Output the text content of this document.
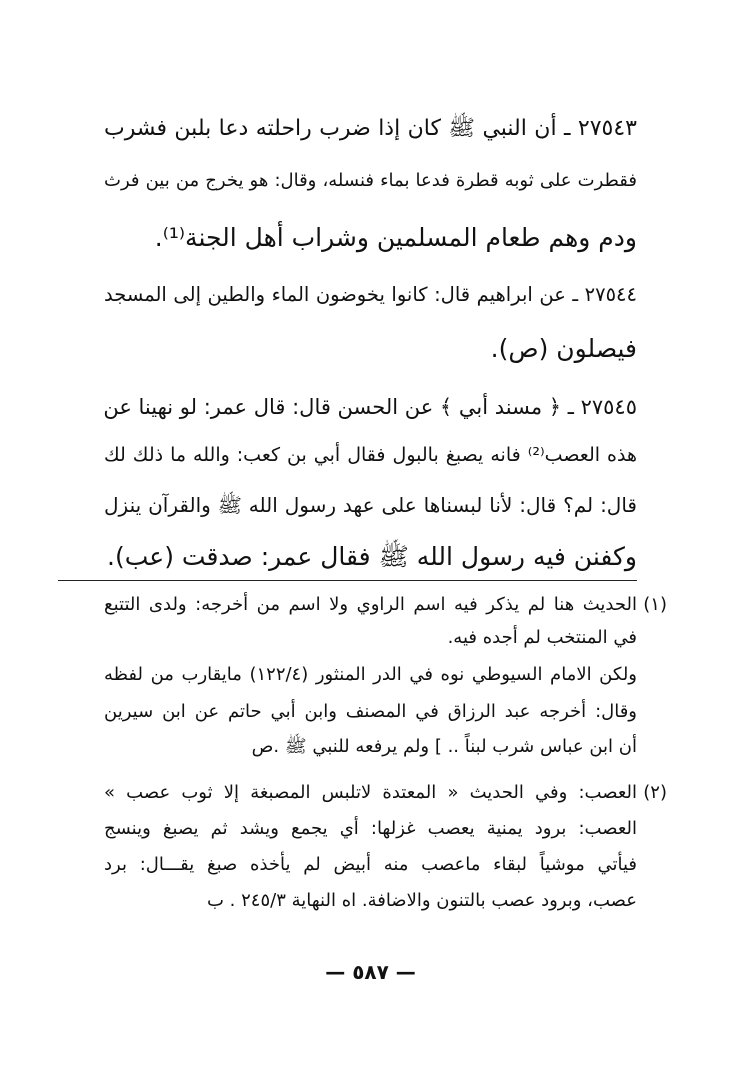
٢٧٥٤٣ ـ أن النبي ﷺ كان إذا ضرب راحلته دعا بلبن فشرب
فقطرت على ثوبه قطرة فدعا بماء فنسله، وقال: هو يخرج من بين فرث
ودم وهم طعام المسلمين وشراب أهل الجنة⁽¹⁾.
٢٧٥٤٤ ـ عن ابراهيم قال: كانوا يخوضون الماء والطين إلى المسجد
فيصلون (ص).
٢٧٥٤٥ ـ ﴿ مسند أبي ﴾ عن الحسن قال: قال عمر: لو نهينا عن
هذه العصب⁽²⁾ فانه يصبغ بالبول فقال أبي بن كعب: والله ما ذلك لك
قال: لم؟ قال: لأنا لبسناها على عهد رسول الله ﷺ والقرآن ينزل
وكفنن فيه رسول الله ﷺ فقال عمر: صدقت (عب).
(١)
الحديث هنا لم يذكر فيه اسم الراوي ولا اسم من أخرجه: ولدى التتبع
في المنتخب لم أجده فيه.
ولكن الامام السيوطي نوه في الدر المنثور (١٢٢/٤) مايقارب من لفظه
وقال: أخرجه عبد الرزاق في المصنف وابن أبي حاتم عن ابن سيرين
أن ابن عباس شرب لبناً .. ] ولم يرفعه للنبي ﷺ .ص
(٢)
العصب: وفي الحديث « المعتدة لاتلبس المصبغة إلا ثوب عصب »
العصب: برود يمنية يعصب غزلها: أي يجمع ويشد ثم يصبغ وينسج
فيأتي موشياً لبقاء ماعصب منه أبيض لم يأخذه صبغ يقـــال: برد
عصب، وبرود عصب بالتنون والاضافة. اه النهاية ٢٤٥/٣ . ب
— ٥٨٧ —
